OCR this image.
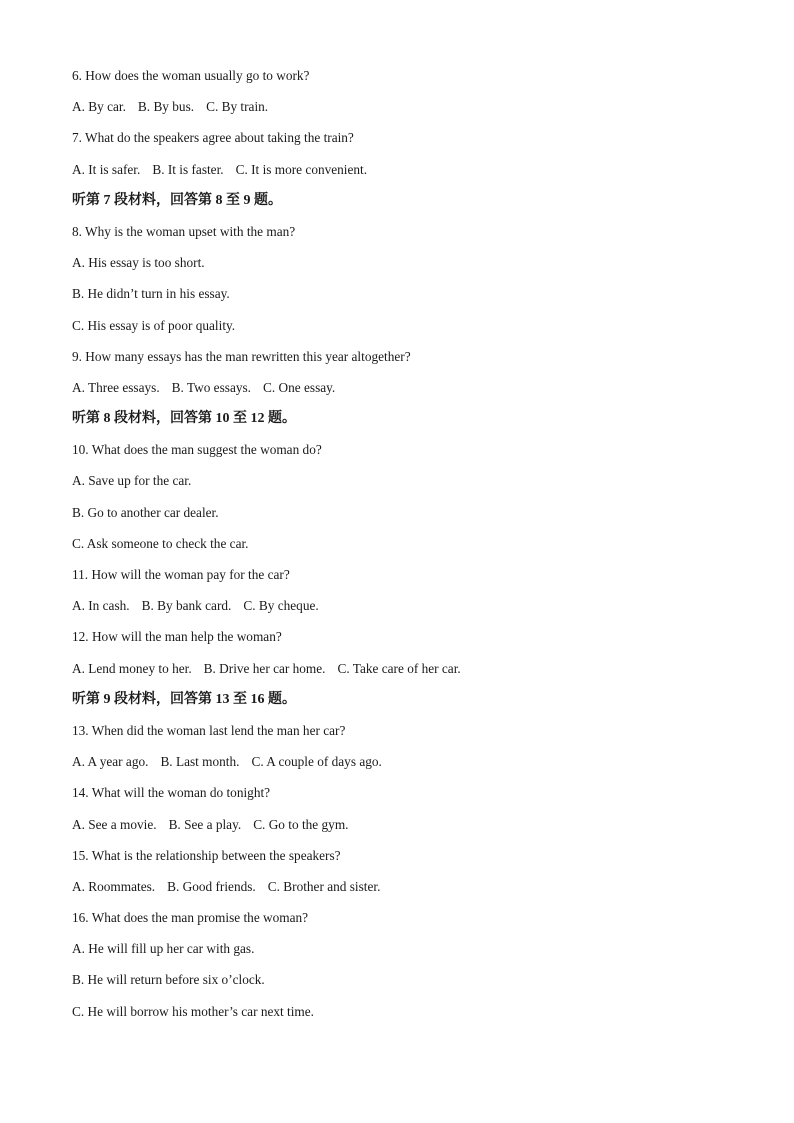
6. How does the woman usually go to work?
A. By car. B. By bus. C. By train.
7. What do the speakers agree about taking the train?
A. It is safer. B. It is faster. C. It is more convenient.
听第 7 段材料，回答第 8 至 9 题。
8. Why is the woman upset with the man?
A. His essay is too short.
B. He didn’t turn in his essay.
C. His essay is of poor quality.
9. How many essays has the man rewritten this year altogether?
A. Three essays. B. Two essays. C. One essay.
听第 8 段材料，回答第 10 至 12 题。
10. What does the man suggest the woman do?
A. Save up for the car.
B. Go to another car dealer.
C. Ask someone to check the car.
11. How will the woman pay for the car?
A. In cash. B. By bank card. C. By cheque.
12. How will the man help the woman?
A. Lend money to her. B. Drive her car home. C. Take care of her car.
听第 9 段材料，回答第 13 至 16 题。
13. When did the woman last lend the man her car?
A. A year ago. B. Last month. C. A couple of days ago.
14. What will the woman do tonight?
A. See a movie. B. See a play. C. Go to the gym.
15. What is the relationship between the speakers?
A. Roommates. B. Good friends. C. Brother and sister.
16. What does the man promise the woman?
A. He will fill up her car with gas.
B. He will return before six o’clock.
C. He will borrow his mother’s car next time.
